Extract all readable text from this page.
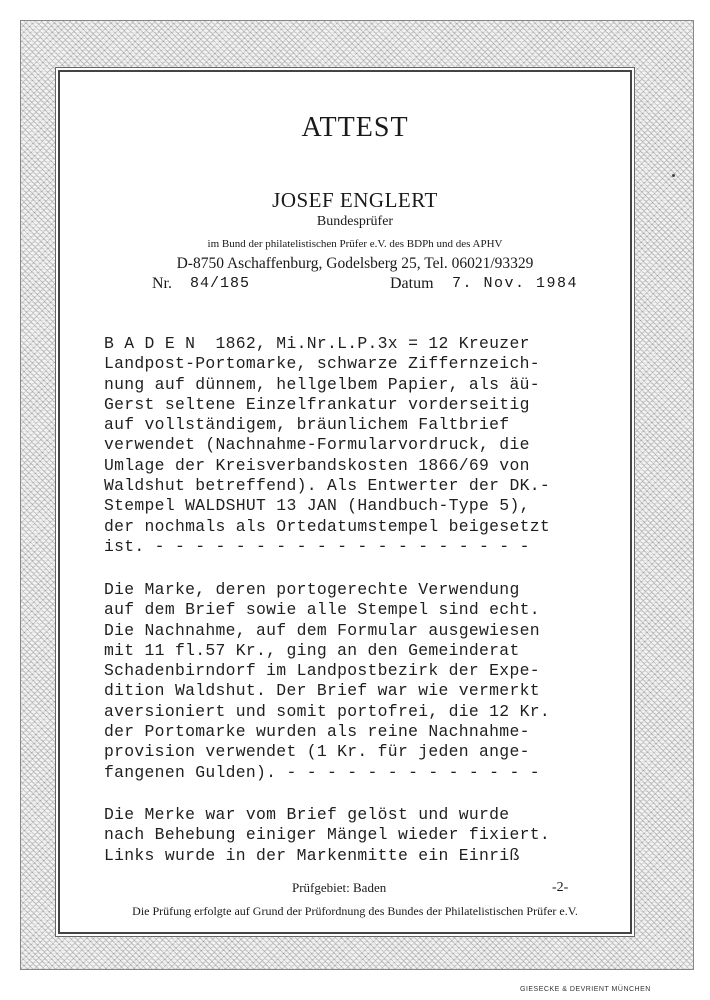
ATTEST
JOSEF ENGLERT
Bundesprüfer
im Bund der philatelistischen Prüfer e.V. des BDPh und des APHV
D-8750 Aschaffenburg, Godelsberg 25, Tel. 06021/93329
Nr. 84/185	Datum 7. Nov. 1984
B A D E N  1862, Mi.Nr.L.P.3x = 12 Kreuzer
Landpost-Portomarke, schwarze Ziffernzeich-
nung auf dünnem, hellgelbem Papier, als äü-
Gerst seltene Einzelfrankatur vorderseitig
auf vollständigem, bräunlichem Faltbrief
verwendet (Nachnahme-Formularvordruck, die
Umlage der Kreisverbandskosten 1866/69 von
Waldshut betreffend). Als Entwerter der DK.-
Stempel WALDSHUT 13 JAN (Handbuch-Type 5),
der nochmals als Ortedatumstempel beigesetzt
ist. - - - - - - - - - - - - - - - - - - -
Die Marke, deren portogerechte Verwendung
auf dem Brief sowie alle Stempel sind echt.
Die Nachnahme, auf dem Formular ausgewiesen
mit 11 fl.57 Kr., ging an den Gemeinderat
Schadenbirndorf im Landpostbezirk der Expe-
dition Waldshut. Der Brief war wie vermerkt
aversioniert und somit portofrei, die 12 Kr.
der Portomarke wurden als reine Nachnahme-
provision verwendet (1 Kr. für jeden ange-
fangenen Gulden). - - - - - - - - - - - - -
Die Merke war vom Brief gelöst und wurde
nach Behebung einiger Mängel wieder fixiert.
Links wurde in der Markenmitte ein Einriß
Prüfgebiet: Baden	-2-
Die Prüfung erfolgte auf Grund der Prüfordnung des Bundes der Philatelistischen Prüfer e.V.
GIESECKE & DEVRIENT MÜNCHEN
